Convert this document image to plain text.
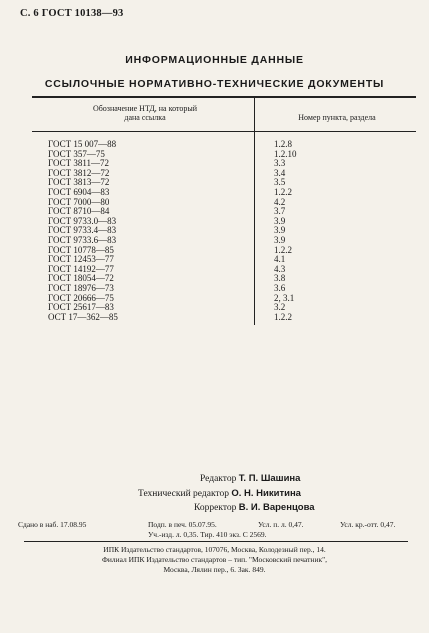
С. 6 ГОСТ 10138—93
ИНФОРМАЦИОННЫЕ ДАННЫЕ
ССЫЛОЧНЫЕ НОРМАТИВНО-ТЕХНИЧЕСКИЕ ДОКУМЕНТЫ
Обозначение НТД, на который
дана ссылка	Номер пункта, раздела
ГОСТ 15 007—88	1.2.8
ГОСТ 357—75	1.2.10
ГОСТ 3811—72	3.3
ГОСТ 3812—72	3.4
ГОСТ 3813—72	3.5
ГОСТ 6904—83	1.2.2
ГОСТ 7000—80	4.2
ГОСТ 8710—84	3.7
ГОСТ 9733.0—83	3.9
ГОСТ 9733.4—83	3.9
ГОСТ 9733.6—83	3.9
ГОСТ 10778—85	1.2.2
ГОСТ 12453—77	4.1
ГОСТ 14192—77	4.3
ГОСТ 18054—72	3.8
ГОСТ 18976—73	3.6
ГОСТ 20666—75	2, 3.1
ГОСТ 25617—83	3.2
ОСТ 17—362—85	1.2.2
Редактор Т. П. Шашина
Технический редактор О. Н. Никитина
Корректор В. И. Варенцова
Сдано в наб. 17.08.95	Подп. в печ. 05.07.95.	Усл. п. л. 0,47.	Усл. кр.-отт. 0,47.
Уч.-изд. л. 0,35. Тир. 410 экз. С 2569.
ИПК Издательство стандартов, 107076, Москва, Колодезный пер., 14.
Филиал ИПК Издательство стандартов – тип. "Московский печатник",
Москва, Лялин пер., 6. Зак. 849.
